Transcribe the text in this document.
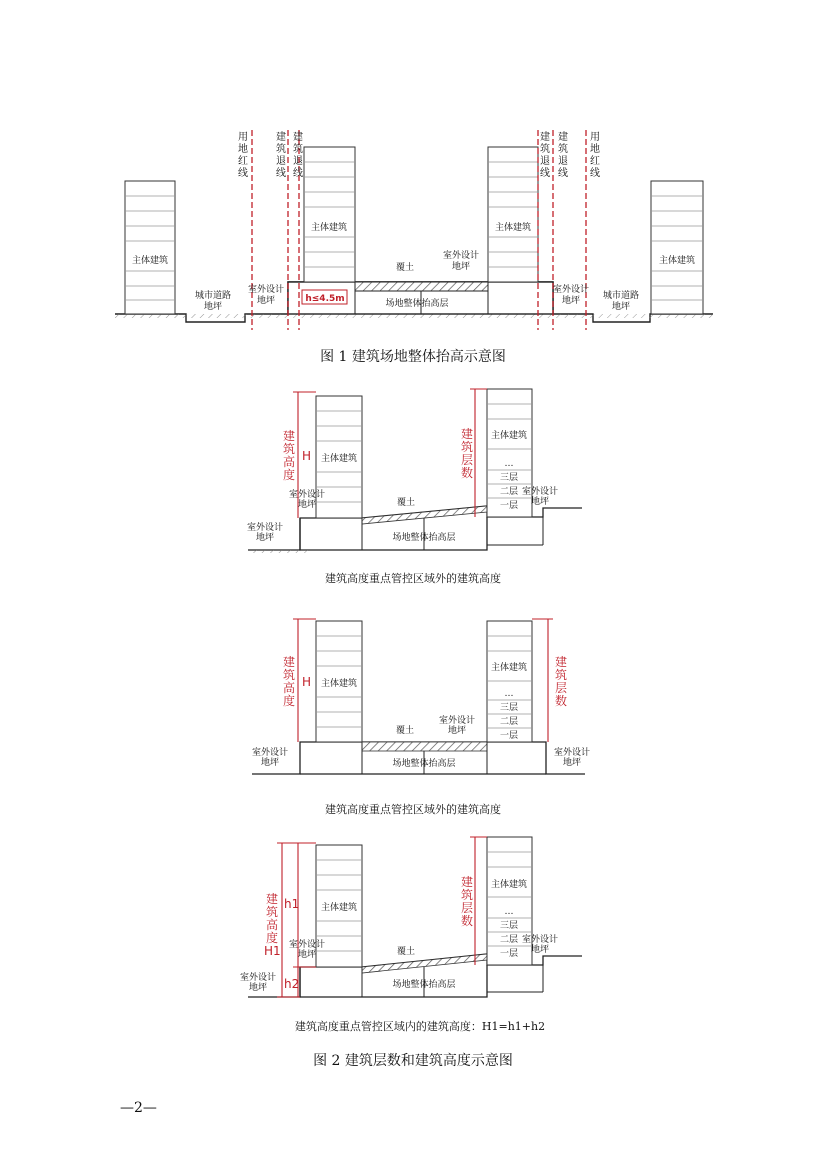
主体建筑	主体建筑
主体建筑	主体建筑
用地红线
建筑退线
建筑退线
建筑退线
建筑退线
用地红线
城市道路地坪
城市道路地坪
室外设计地坪
室外设计地坪
室外设计地坪
覆土
场地整体抬高层
h≤4.5m
图 1 建筑场地整体抬高示意图
主体建筑
主体建筑
…
三层
二层
一层
建筑高度
H
建筑层数
室外设计地坪
室外设计地坪
室外设计地坪
覆土
场地整体抬高层
建筑高度重点管控区域外的建筑高度
主体建筑
主体建筑
…
三层
二层
一层
建筑高度
H
建筑层数
室外设计地坪
室外设计地坪
室外设计地坪
覆土
场地整体抬高层
建筑高度重点管控区域外的建筑高度
主体建筑
主体建筑
…
三层
二层
一层
建筑高度 H1
h1
h2
建筑层数
室外设计地坪
室外设计地坪
室外设计地坪
覆土
场地整体抬高层
建筑高度重点管控区域内的建筑高度：H1=h1+h2
图 2 建筑层数和建筑高度示意图
—2—
